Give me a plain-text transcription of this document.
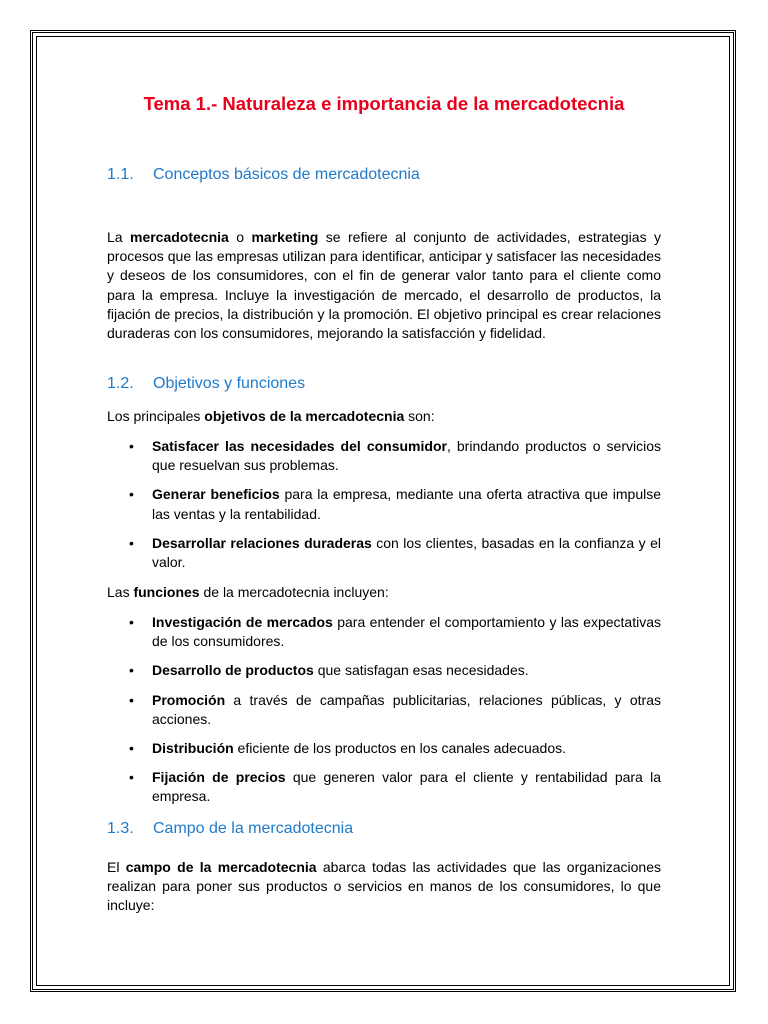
Tema 1.- Naturaleza e importancia de la mercadotecnia
1.1. Conceptos básicos de mercadotecnia

La mercadotecnia o marketing se refiere al conjunto de actividades, estrategias y procesos que las empresas utilizan para identificar, anticipar y satisfacer las necesidades y deseos de los consumidores, con el fin de generar valor tanto para el cliente como para la empresa. Incluye la investigación de mercado, el desarrollo de productos, la fijación de precios, la distribución y la promoción. El objetivo principal es crear relaciones duraderas con los consumidores, mejorando la satisfacción y fidelidad.

1.2. Objetivos y funciones

Los principales objetivos de la mercadotecnia son:

• Satisfacer las necesidades del consumidor, brindando productos o servicios que resuelvan sus problemas.
• Generar beneficios para la empresa, mediante una oferta atractiva que impulse las ventas y la rentabilidad.
• Desarrollar relaciones duraderas con los clientes, basadas en la confianza y el valor.

Las funciones de la mercadotecnia incluyen:

• Investigación de mercados para entender el comportamiento y las expectativas de los consumidores.
• Desarrollo de productos que satisfagan esas necesidades.
• Promoción a través de campañas publicitarias, relaciones públicas, y otras acciones.
• Distribución eficiente de los productos en los canales adecuados.
• Fijación de precios que generen valor para el cliente y rentabilidad para la empresa.
1.3. Campo de la mercadotecnia

El campo de la mercadotecnia abarca todas las actividades que las organizaciones realizan para poner sus productos o servicios en manos de los consumidores, lo que incluye:
